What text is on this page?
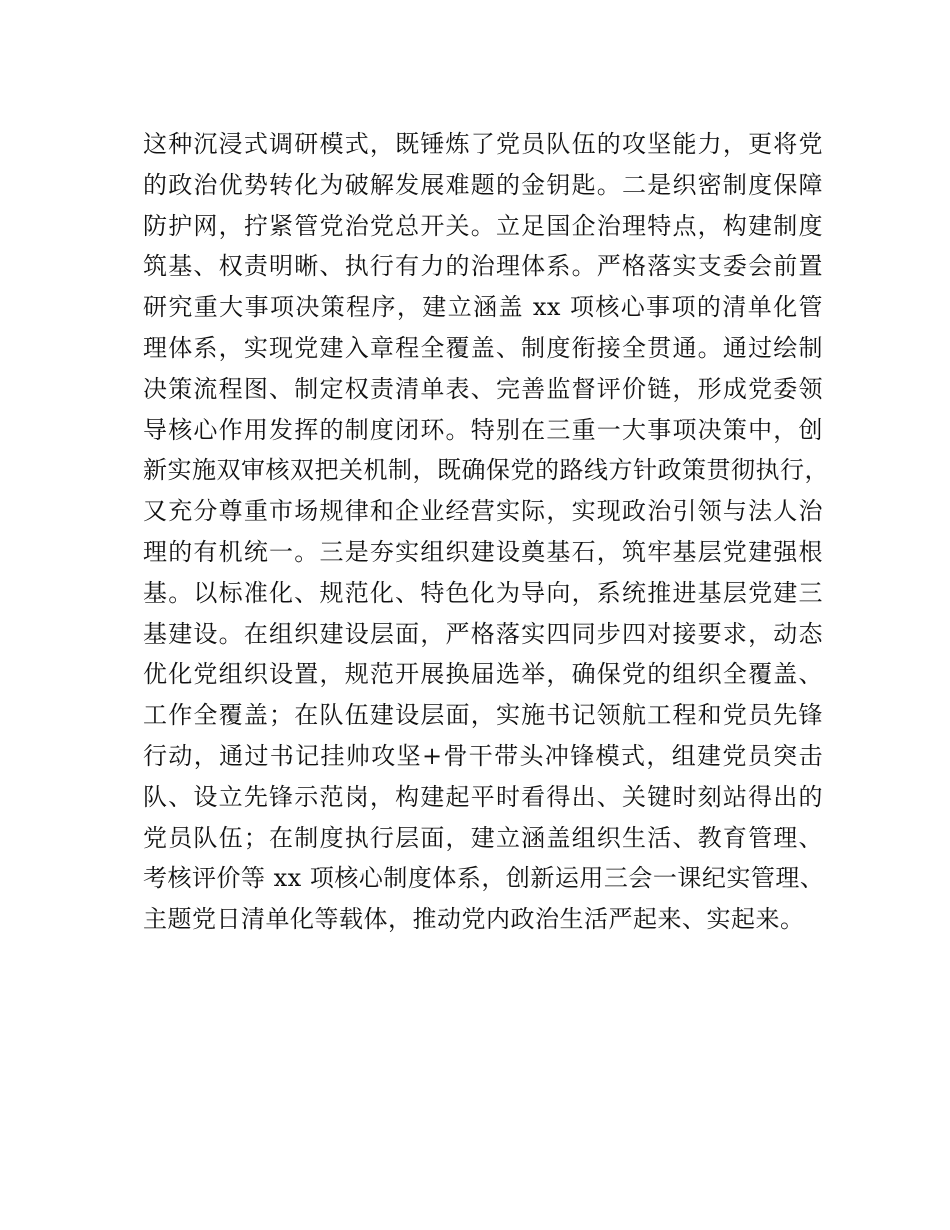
这种沉浸式调研模式，既锤炼了党员队伍的攻坚能力，更将党
的政治优势转化为破解发展难题的金钥匙。二是织密制度保障
防护网，拧紧管党治党总开关。立足国企治理特点，构建制度
筑基、权责明晰、执行有力的治理体系。严格落实支委会前置
研究重大事项决策程序，建立涵盖 xx 项核心事项的清单化管
理体系，实现党建入章程全覆盖、制度衔接全贯通。通过绘制
决策流程图、制定权责清单表、完善监督评价链，形成党委领
导核心作用发挥的制度闭环。特别在三重一大事项决策中，创
新实施双审核双把关机制，既确保党的路线方针政策贯彻执行，
又充分尊重市场规律和企业经营实际，实现政治引领与法人治
理的有机统一。三是夯实组织建设奠基石，筑牢基层党建强根
基。以标准化、规范化、特色化为导向，系统推进基层党建三
基建设。在组织建设层面，严格落实四同步四对接要求，动态
优化党组织设置，规范开展换届选举，确保党的组织全覆盖、
工作全覆盖；在队伍建设层面，实施书记领航工程和党员先锋
行动，通过书记挂帅攻坚+骨干带头冲锋模式，组建党员突击
队、设立先锋示范岗，构建起平时看得出、关键时刻站得出的
党员队伍；在制度执行层面，建立涵盖组织生活、教育管理、
考核评价等 xx 项核心制度体系，创新运用三会一课纪实管理、
主题党日清单化等载体，推动党内政治生活严起来、实起来。
